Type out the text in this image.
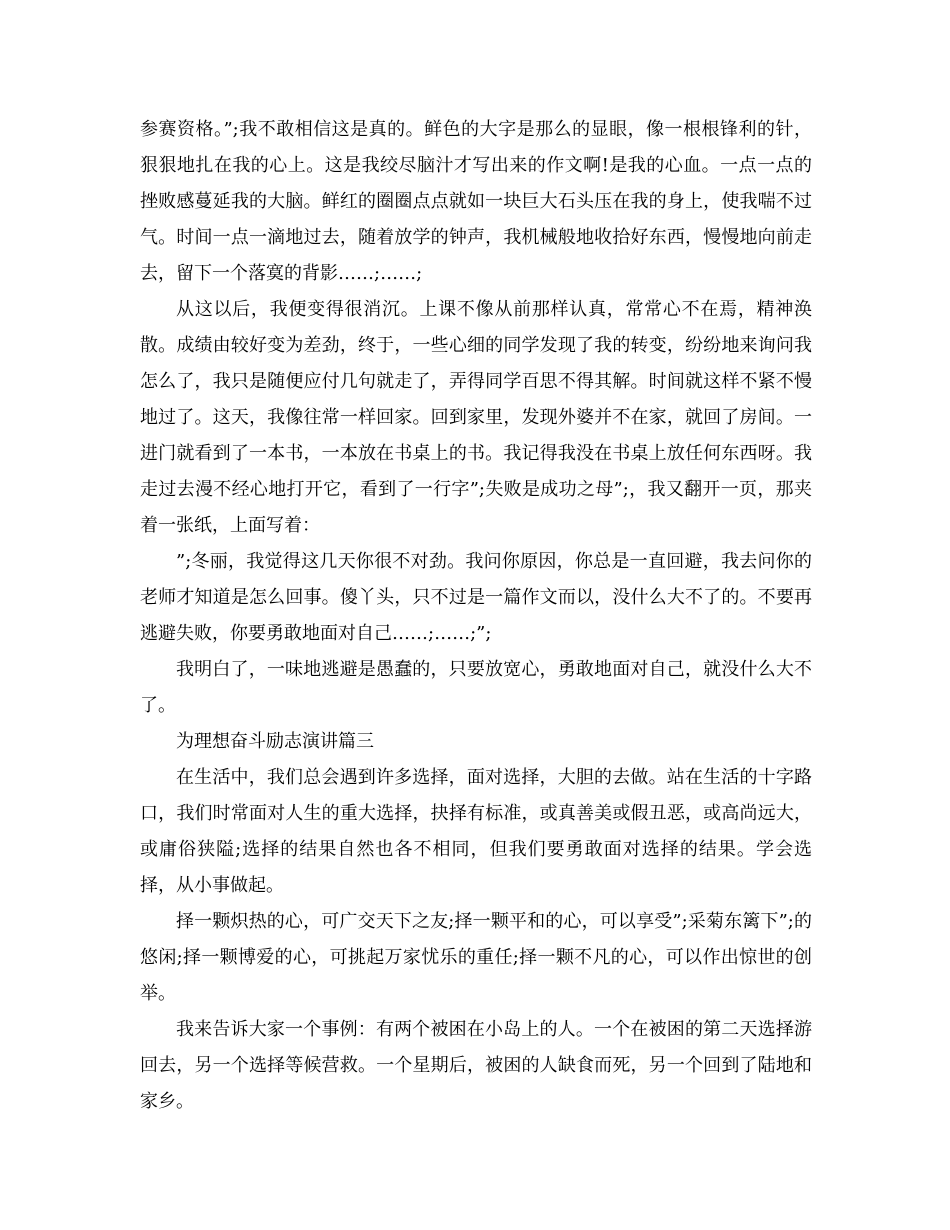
参赛资格。”;我不敢相信这是真的。鲜色的大字是那么的显眼，像一根根锋利的针，狠狠地扎在我的心上。这是我绞尽脑汁才写出来的作文啊!是我的心血。一点一点的挫败感蔓延我的大脑。鲜红的圈圈点点就如一块巨大石头压在我的身上，使我喘不过气。时间一点一滴地过去，随着放学的钟声，我机械般地收拾好东西，慢慢地向前走去，留下一个落寞的背影……;……;

从这以后，我便变得很消沉。上课不像从前那样认真，常常心不在焉，精神涣散。成绩由较好变为差劲，终于，一些心细的同学发现了我的转变，纷纷地来询问我怎么了，我只是随便应付几句就走了，弄得同学百思不得其解。时间就这样不紧不慢地过了。这天，我像往常一样回家。回到家里，发现外婆并不在家，就回了房间。一进门就看到了一本书，一本放在书桌上的书。我记得我没在书桌上放任何东西呀。我走过去漫不经心地打开它，看到了一行字”;失败是成功之母”;，我又翻开一页，那夹着一张纸，上面写着：

”;冬丽，我觉得这几天你很不对劲。我问你原因，你总是一直回避，我去问你的老师才知道是怎么回事。傻丫头，只不过是一篇作文而以，没什么大不了的。不要再逃避失败，你要勇敢地面对自己……;……;”;

我明白了，一味地逃避是愚蠢的，只要放宽心，勇敢地面对自己，就没什么大不了。

为理想奋斗励志演讲篇三

在生活中，我们总会遇到许多选择，面对选择，大胆的去做。站在生活的十字路口，我们时常面对人生的重大选择，抉择有标准，或真善美或假丑恶，或高尚远大，或庸俗狭隘;选择的结果自然也各不相同，但我们要勇敢面对选择的结果。学会选择，从小事做起。

择一颗炽热的心，可广交天下之友;择一颗平和的心，可以享受”;采菊东篱下”;的悠闲;择一颗博爱的心，可挑起万家忧乐的重任;择一颗不凡的心，可以作出惊世的创举。

我来告诉大家一个事例：有两个被困在小岛上的人。一个在被困的第二天选择游回去，另一个选择等候营救。一个星期后，被困的人缺食而死，另一个回到了陆地和家乡。
